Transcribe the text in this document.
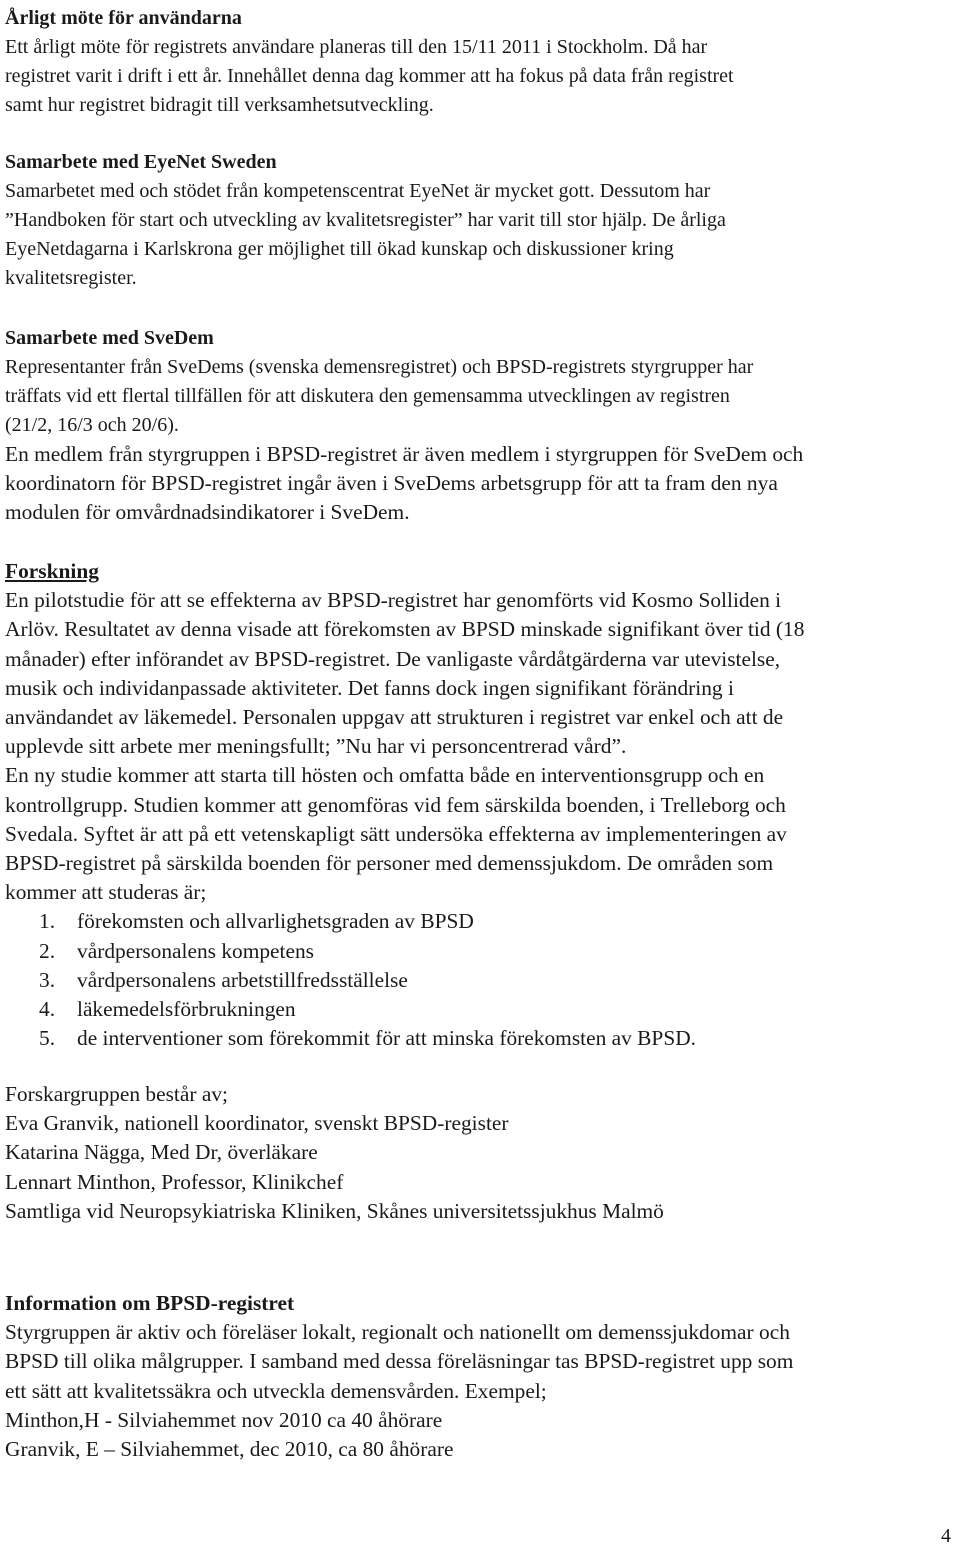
Årligt möte för användarna
Ett årligt möte för registrets användare planeras till den 15/11 2011 i Stockholm. Då har
registret varit i drift i ett år. Innehållet denna dag kommer att ha fokus på data från registret
samt hur registret bidragit till verksamhetsutveckling.
Samarbete med EyeNet Sweden
Samarbetet med och stödet från kompetenscentrat EyeNet är mycket gott. Dessutom har
”Handboken för start och utveckling av kvalitetsregister” har varit till stor hjälp. De årliga
EyeNetdagarna i Karlskrona ger möjlighet till ökad kunskap och diskussioner kring
kvalitetsregister.
Samarbete med SveDem
Representanter från SveDems (svenska demensregistret) och BPSD-registrets styrgrupper har
träffats vid ett flertal tillfällen för att diskutera den gemensamma utvecklingen av registren
(21/2, 16/3 och 20/6).
En medlem från styrgruppen i BPSD-registret är även medlem i styrgruppen för SveDem och
koordinatorn för BPSD-registret ingår även i SveDems arbetsgrupp för att ta fram den nya
modulen för omvårdnadsindikatorer i SveDem.
Forskning
En pilotstudie för att se effekterna av BPSD-registret har genomförts vid Kosmo Solliden i
Arlöv. Resultatet av denna visade att förekomsten av BPSD minskade signifikant över tid (18
månader) efter införandet av BPSD-registret. De vanligaste vårdåtgärderna var utevistelse,
musik och individanpassade aktiviteter. Det fanns dock ingen signifikant förändring i
användandet av läkemedel. Personalen uppgav att strukturen i registret var enkel och att de
upplevde sitt arbete mer meningsfullt; ”Nu har vi personcentrerad vård”.
En ny studie kommer att starta till hösten och omfatta både en interventionsgrupp och en
kontrollgrupp. Studien kommer att genomföras vid fem särskilda boenden, i Trelleborg och
Svedala. Syftet är att på ett vetenskapligt sätt undersöka effekterna av implementeringen av
BPSD-registret på särskilda boenden för personer med demenssjukdom. De områden som
kommer att studeras är;
1. förekomsten och allvarlighetsgraden av BPSD
2. vårdpersonalens kompetens
3. vårdpersonalens arbetstillfredsställelse
4. läkemedelsförbrukningen
5. de interventioner som förekommit för att minska förekomsten av BPSD.
Forskargruppen består av;
Eva Granvik, nationell koordinator, svenskt BPSD-register
Katarina Nägga, Med Dr, överläkare
Lennart Minthon, Professor, Klinikchef
Samtliga vid Neuropsykiatriska Kliniken, Skånes universitetssjukhus Malmö
Information om BPSD-registret
Styrgruppen är aktiv och föreläser lokalt, regionalt och nationellt om demenssjukdomar och
BPSD till olika målgrupper. I samband med dessa föreläsningar tas BPSD-registret upp som
ett sätt att kvalitetssäkra och utveckla demensvården. Exempel;
Minthon,H - Silviahemmet nov 2010 ca 40 åhörare
Granvik, E – Silviahemmet, dec 2010, ca 80 åhörare
4
